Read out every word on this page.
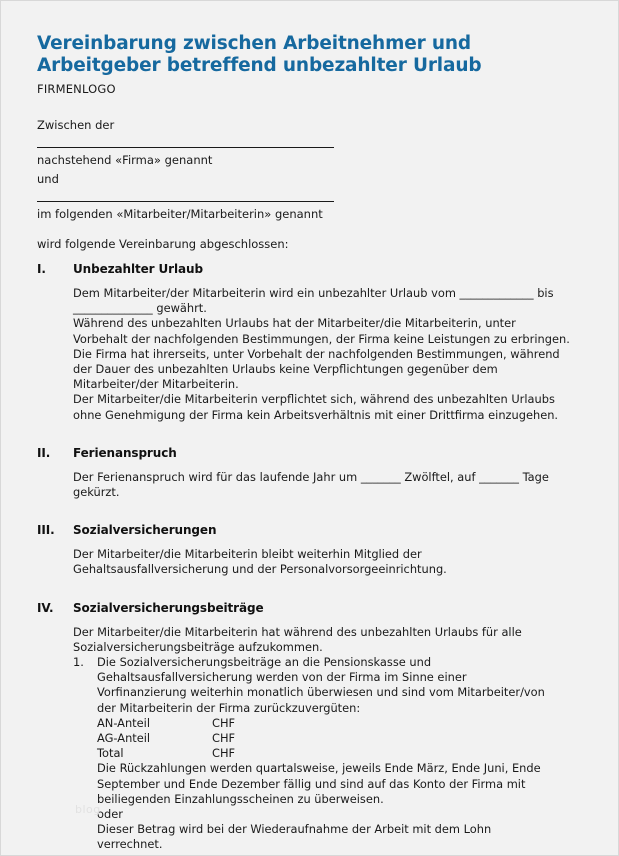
Vereinbarung zwischen Arbeitnehmer und Arbeitgeber betreffend unbezahlter Urlaub
FIRMENLOGO
Zwischen der
nachstehend «Firma» genannt
und
im folgenden «Mitarbeiter/Mitarbeiterin» genannt
wird folgende Vereinbarung abgeschlossen:
I.	Unbezahlter Urlaub

Dem Mitarbeiter/der Mitarbeiterin wird ein unbezahlter Urlaub vom _____________ bis ______________ gewährt.

Während des unbezahlten Urlaubs hat der Mitarbeiter/die Mitarbeiterin, unter Vorbehalt der nachfolgenden Bestimmungen, der Firma keine Leistungen zu erbringen. Die Firma hat ihrerseits, unter Vorbehalt der nachfolgenden Bestimmungen, während der Dauer des unbezahlten Urlaubs keine Verpflichtungen gegenüber dem Mitarbeiter/der Mitarbeiterin.

Der Mitarbeiter/die Mitarbeiterin verpflichtet sich, während des unbezahlten Urlaubs ohne Genehmigung der Firma kein Arbeitsverhältnis mit einer Drittfirma einzugehen.

II.	Ferienanspruch

Der Ferienanspruch wird für das laufende Jahr um _______ Zwölftel, auf _______ Tage gekürzt.

III.	Sozialversicherungen

Der Mitarbeiter/die Mitarbeiterin bleibt weiterhin Mitglied der Gehaltsausfallversicherung und der Personalvorsorgeeinrichtung.

IV.	Sozialversicherungsbeiträge

Der Mitarbeiter/die Mitarbeiterin hat während des unbezahlten Urlaubs für alle Sozialversicherungsbeiträge aufzukommen.

1.	Die Sozialversicherungsbeiträge an die Pensionskasse und Gehaltsausfallversicherung werden von der Firma im Sinne einer Vorfinanzierung weiterhin monatlich überwiesen und sind vom Mitarbeiter/von der Mitarbeiterin der Firma zurückzuvergüten:

AN-Anteil	CHF
AG-Anteil	CHF
Total	CHF

Die Rückzahlungen werden quartalsweise, jeweils Ende März, Ende Juni, Ende September und Ende Dezember fällig und sind auf das Konto der Firma mit beiliegenden Einzahlungsscheinen zu überweisen.

oder

Dieser Betrag wird bei der Wiederaufnahme der Arbeit mit dem Lohn verrechnet.

blog
